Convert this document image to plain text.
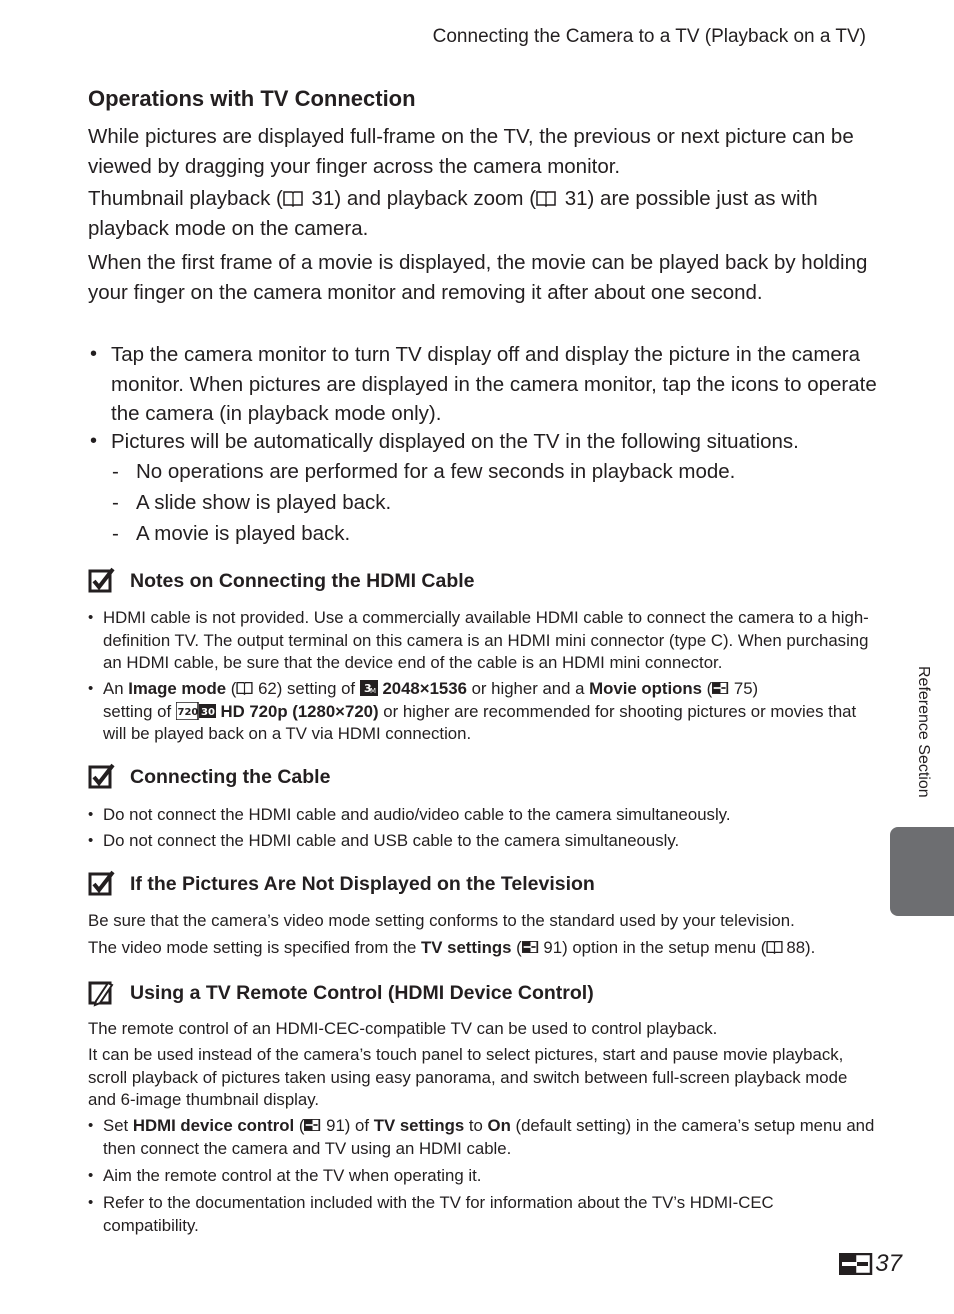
Connecting the Camera to a TV (Playback on a TV)
Operations with TV Connection

While pictures are displayed full-frame on the TV, the previous or next picture can be viewed by dragging your finger across the camera monitor.

Thumbnail playback ( 31) and playback zoom ( 31) are possible just as with playback mode on the camera.

When the first frame of a movie is displayed, the movie can be played back by holding your finger on the camera monitor and removing it after about one second.

• Tap the camera monitor to turn TV display off and display the picture in the camera monitor. When pictures are displayed in the camera monitor, tap the icons to operate the camera (in playback mode only).
• Pictures will be automatically displayed on the TV in the following situations.
- No operations are performed for a few seconds in playback mode.
- A slide show is played back.
- A movie is played back.
Notes on Connecting the HDMI Cable
• HDMI cable is not provided. Use a commercially available HDMI cable to connect the camera to a high-definition TV. The output terminal on this camera is an HDMI mini connector (type C). When purchasing an HDMI cable, be sure that the device end of the cable is an HDMI mini connector.
• An Image mode ( 62) setting of 3
M 2048×1536 or higher and a Movie options ( 75)
setting of 720 30 HD 720p (1280×720) or higher are recommended for shooting pictures or movies that will be played back on a TV via HDMI connection.
Connecting the Cable
• Do not connect the HDMI cable and audio/video cable to the camera simultaneously.
• Do not connect the HDMI cable and USB cable to the camera simultaneously.
If the Pictures Are Not Displayed on the Television

Be sure that the camera’s video mode setting conforms to the standard used by your television.

The video mode setting is specified from the TV settings ( 91) option in the setup menu ( 88).

Using a TV Remote Control (HDMI Device Control)

The remote control of an HDMI-CEC-compatible TV can be used to control playback.

It can be used instead of the camera’s touch panel to select pictures, start and pause movie playback, scroll playback of pictures taken using easy panorama, and switch between full-screen playback mode and 6-image thumbnail display.

• Set HDMI device control ( 91) of TV settings to On (default setting) in the camera’s setup menu and then connect the camera and TV using an HDMI cable.
• Aim the remote control at the TV when operating it.
• Refer to the documentation included with the TV for information about the TV’s HDMI-CEC compatibility.
Reference Section
37
